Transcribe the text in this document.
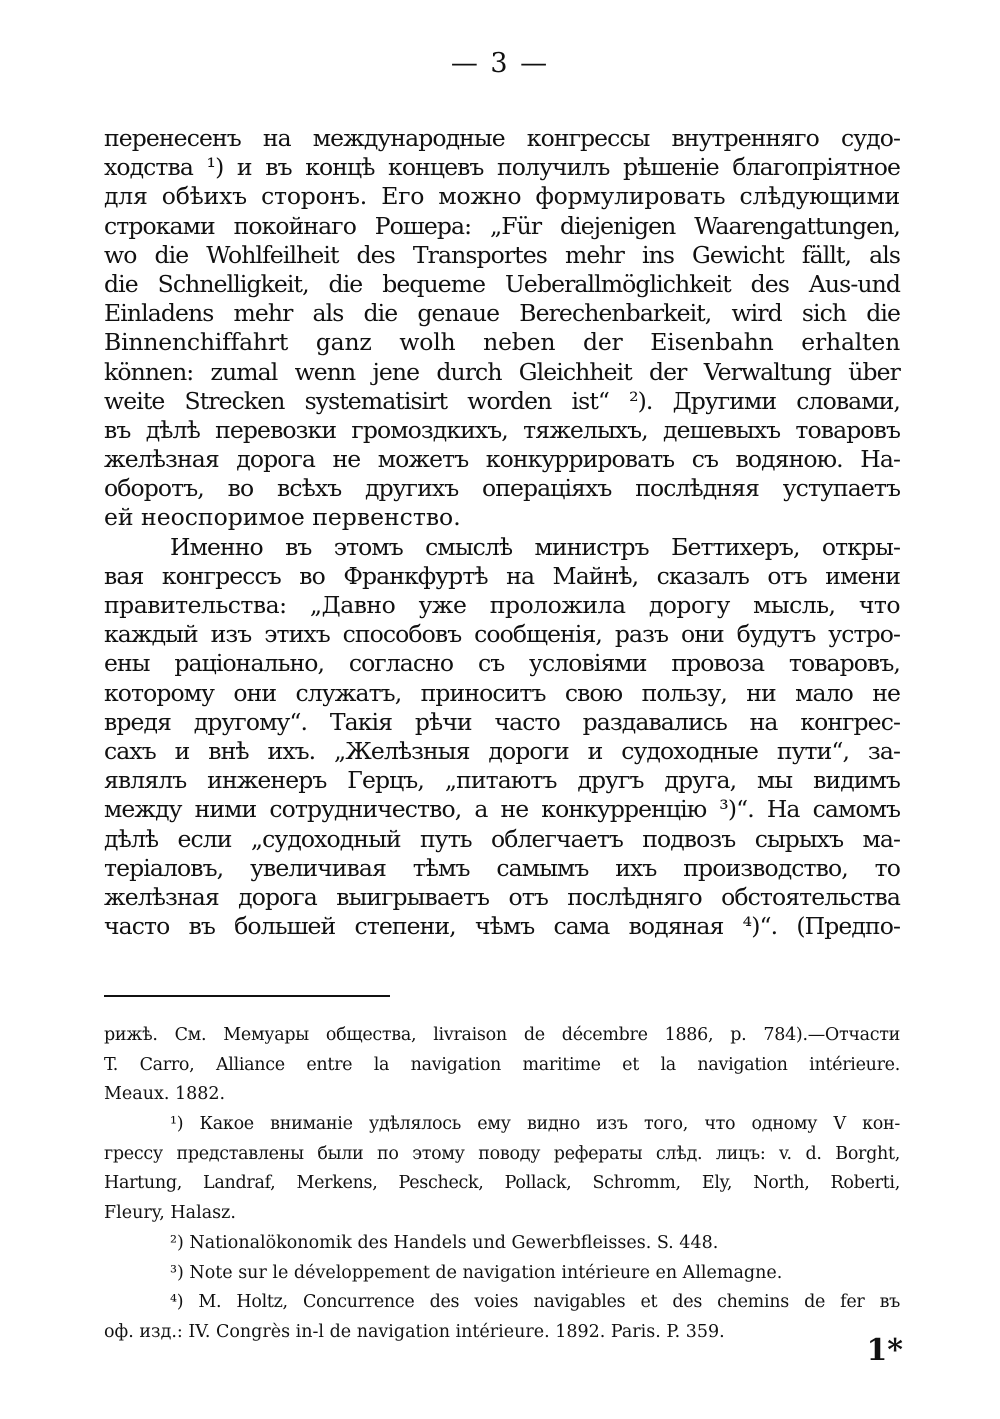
— 3 —
перенесенъ на международные конгрессы внутренняго судо-
ходства ¹) и въ концѣ концевъ получилъ рѣшеніе благопріятное
для обѣихъ сторонъ. Его можно формулировать слѣдующими
строками покойнаго Рошера: „Für diejenigen Waarengattungen,
wo die Wohlfeilheit des Transportes mehr ins Gewicht fällt, als
die Schnelligkeit, die bequeme Ueberallmöglichkeit des Aus-und
Einladens mehr als die genaue Berechenbarkeit, wird sich die
Binnenchiffahrt ganz wolh neben der Eisenbahn erhalten
können: zumal wenn jene durch Gleichheit der Verwaltung über
weite Strecken systematisirt worden ist“ ²). Другими словами,
въ дѣлѣ перевозки громоздкихъ, тяжелыхъ, дешевыхъ товаровъ
желѣзная дорога не можетъ конкуррировать съ водяною. На-
оборотъ, во всѣхъ другихъ операціяхъ послѣдняя уступаетъ
ей неоспоримое первенство.
Именно въ этомъ смыслѣ министръ Беттихеръ, откры-
вая конгрессъ во Франкфуртѣ на Майнѣ, сказалъ отъ имени
правительства: „Давно уже проложила дорогу мысль, что
каждый изъ этихъ способовъ сообщенія, разъ они будутъ устро-
ены раціонально, согласно съ условіями провоза товаровъ,
которому они служатъ, приноситъ свою пользу, ни мало не
вредя другому“. Такія рѣчи часто раздавались на конгрес-
сахъ и внѣ ихъ. „Желѣзныя дороги и судоходные пути“, за-
являлъ инженеръ Герцъ, „питаютъ другъ друга, мы видимъ
между ними сотрудничество, а не конкурренцію ³)“. На самомъ
дѣлѣ если „судоходный путь облегчаетъ подвозъ сырыхъ ма-
теріаловъ, увеличивая тѣмъ самымъ ихъ производство, то
желѣзная дорога выигрываетъ отъ послѣдняго обстоятельства
часто въ большей степени, чѣмъ сама водяная ⁴)“. (Предпо-
рижѣ. См. Мемуары общества, livraison de décembre 1886, p. 784).—Отчасти
T. Carro, Alliance entre la navigation maritime et la navigation intérieure.
Meaux. 1882.
¹) Какое вниманіе удѣлялось ему видно изъ того, что одному V кон-
грессу представлены были по этому поводу рефераты слѣд. лицъ: v. d. Borght,
Hartung, Landraf, Merkens, Pescheck, Pollack, Schromm, Ely, North, Roberti,
Fleury, Halasz.
²) Nationalökonomik des Handels und Gewerbfleisses. S. 448.
³) Note sur le développement de navigation intérieure en Allemagne.
⁴) M. Holtz, Concurrence des voies navigables et des chemins de fer въ
оф. изд.: IV. Congrès in-l de navigation intérieure. 1892. Paris. P. 359.
1*
